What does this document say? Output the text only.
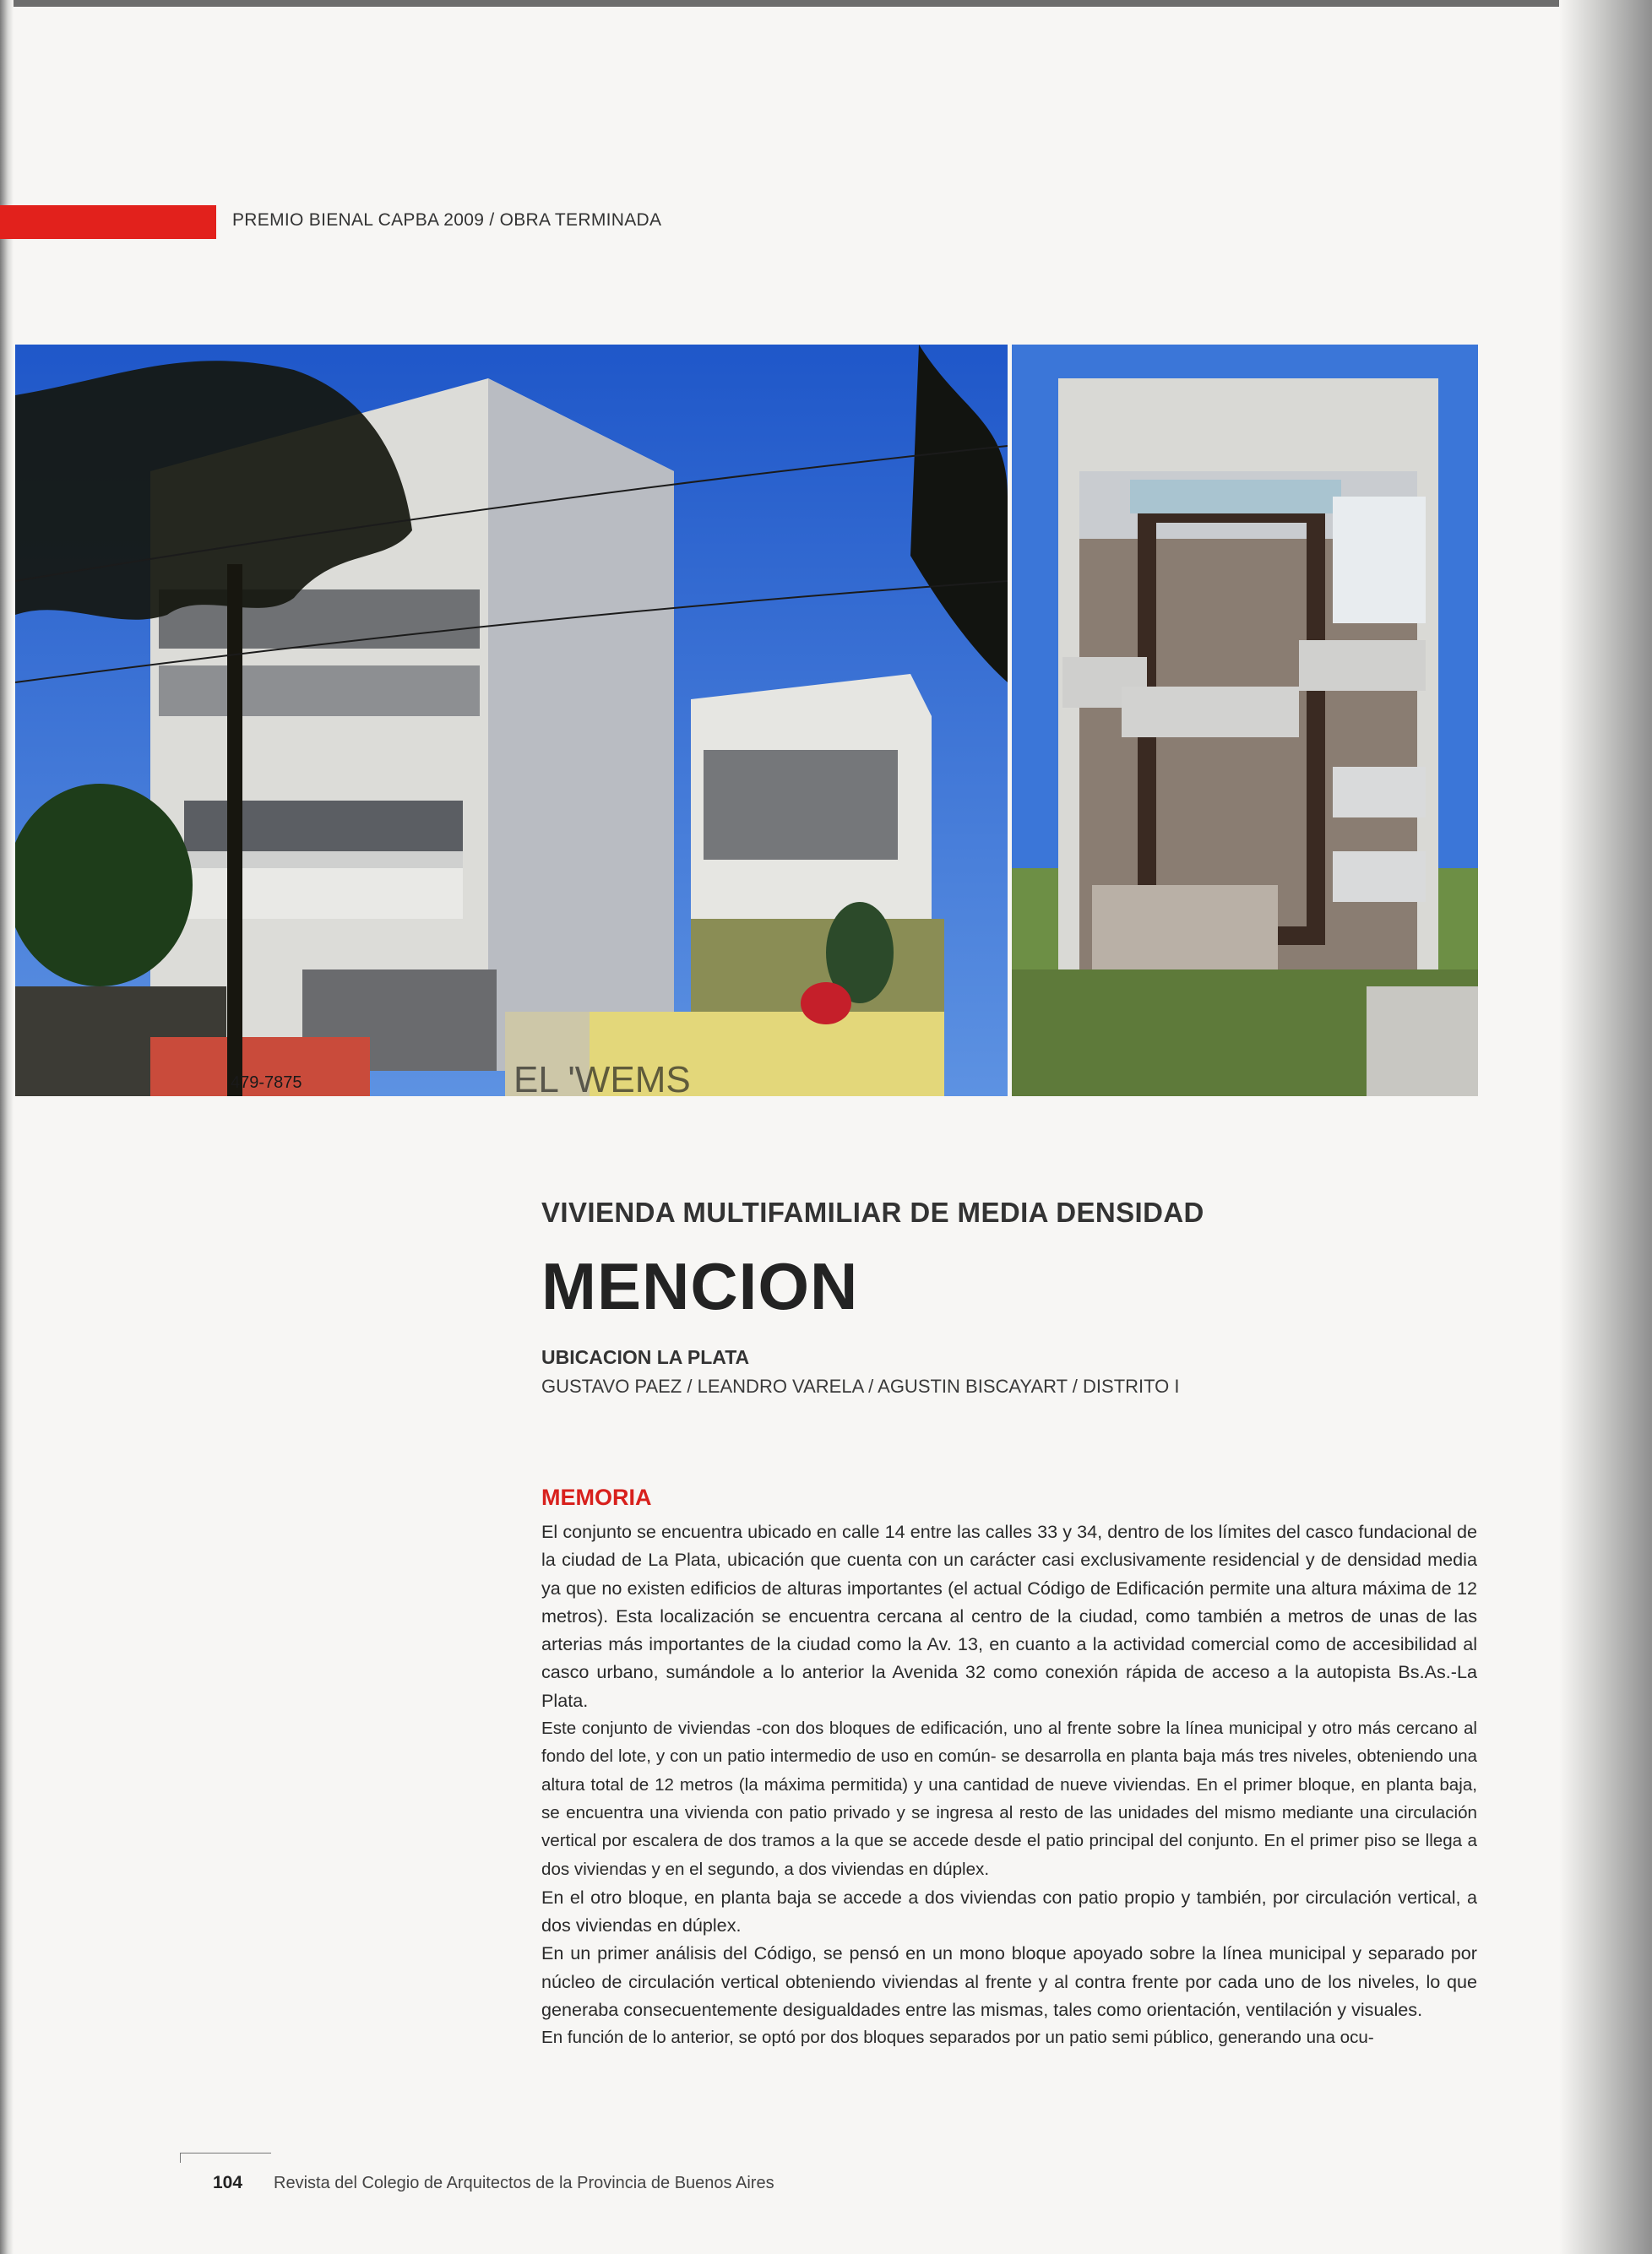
PREMIO BIENAL CAPBA 2009 / OBRA TERMINADA
479-7875	EL 'WEMS
VIVIENDA MULTIFAMILIAR DE MEDIA DENSIDAD
MENCION
UBICACION LA PLATA
GUSTAVO PAEZ / LEANDRO VARELA / AGUSTIN BISCAYART / DISTRITO I
MEMORIA

El conjunto se encuentra ubicado en calle 14 entre las calles 33 y 34, dentro de los límites del casco fundacional de la ciudad de La Plata, ubicación que cuenta con un carácter casi exclusivamente residencial y de densidad media ya que no existen edificios de alturas importantes (el actual Código de Edificación permite una altura máxima de 12 metros). Esta localización se encuentra cercana al centro de la ciudad, como también a metros de unas de las arterias más importantes de la ciudad como la Av. 13, en cuanto a la actividad comercial como de accesibilidad al casco urbano, sumándole a lo anterior la Avenida 32 como conexión rápida de acceso a la autopista Bs.As.-La Plata.

Este conjunto de viviendas -con dos bloques de edificación, uno al frente sobre la línea municipal y otro más cercano al fondo del lote, y con un patio intermedio de uso en común- se desarrolla en planta baja más tres niveles, obteniendo una altura total de 12 metros (la máxima permitida) y una cantidad de nueve viviendas. En el primer bloque, en planta baja, se encuentra una vivienda con patio privado y se ingresa al resto de las unidades del mismo mediante una circulación vertical por escalera de dos tramos a la que se accede desde el patio principal del conjunto. En el primer piso se llega a dos viviendas y en el segundo, a dos viviendas en dúplex.

En el otro bloque, en planta baja se accede a dos viviendas con patio propio y también, por circulación vertical, a dos viviendas en dúplex.

En un primer análisis del Código, se pensó en un mono bloque apoyado sobre la línea municipal y separado por núcleo de circulación vertical obteniendo viviendas al frente y al contra frente por cada uno de los niveles, lo que generaba consecuentemente desigualdades entre las mismas, tales como orientación, ventilación y visuales.

En función de lo anterior, se optó por dos bloques separados por un patio semi público, generando una ocu-

104 Revista del Colegio de Arquitectos de la Provincia de Buenos Aires
